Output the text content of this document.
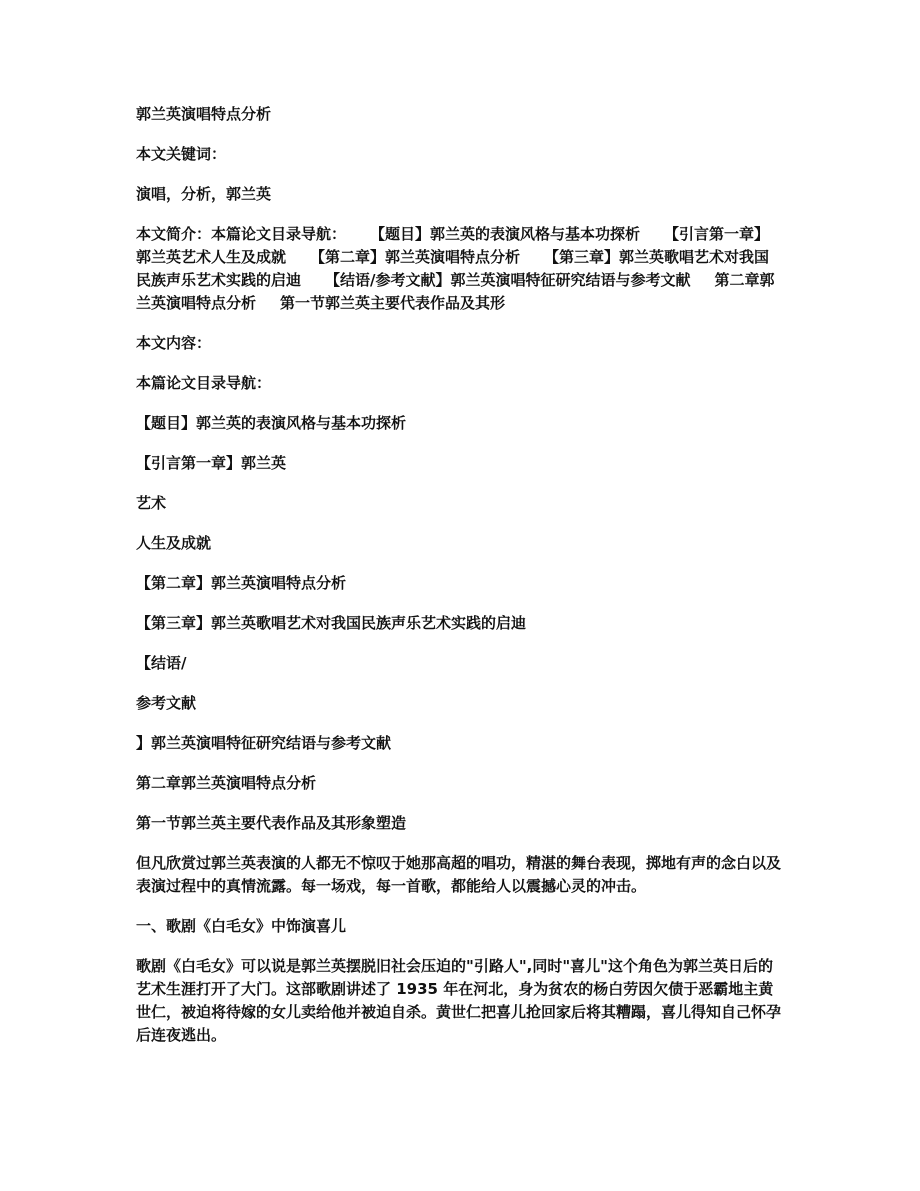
郭兰英演唱特点分析

本文关键词：

演唱，分析，郭兰英

本文简介：本篇论文目录导航： 【题目】郭兰英的表演风格与基本功探析 【引言第一章】郭兰英艺术人生及成就 【第二章】郭兰英演唱特点分析 【第三章】郭兰英歌唱艺术对我国民族声乐艺术实践的启迪 【结语/参考文献】郭兰英演唱特征研究结语与参考文献 第二章郭兰英演唱特点分析 第一节郭兰英主要代表作品及其形

本文内容：

本篇论文目录导航：

【题目】郭兰英的表演风格与基本功探析

【引言第一章】郭兰英

艺术

人生及成就

【第二章】郭兰英演唱特点分析

【第三章】郭兰英歌唱艺术对我国民族声乐艺术实践的启迪

【结语/

参考文献

】郭兰英演唱特征研究结语与参考文献

第二章郭兰英演唱特点分析

第一节郭兰英主要代表作品及其形象塑造

但凡欣赏过郭兰英表演的人都无不惊叹于她那高超的唱功，精湛的舞台表现，掷地有声的念白以及表演过程中的真情流露。每一场戏，每一首歌，都能给人以震撼心灵的冲击。

一、歌剧《白毛女》中饰演喜儿

歌剧《白毛女》可以说是郭兰英摆脱旧社会压迫的"引路人",同时"喜儿"这个角色为郭兰英日后的艺术生涯打开了大门。这部歌剧讲述了 1935 年在河北，身为贫农的杨白劳因欠债于恶霸地主黄世仁，被迫将待嫁的女儿卖给他并被迫自杀。黄世仁把喜儿抢回家后将其糟蹋，喜儿得知自己怀孕后连夜逃出。
